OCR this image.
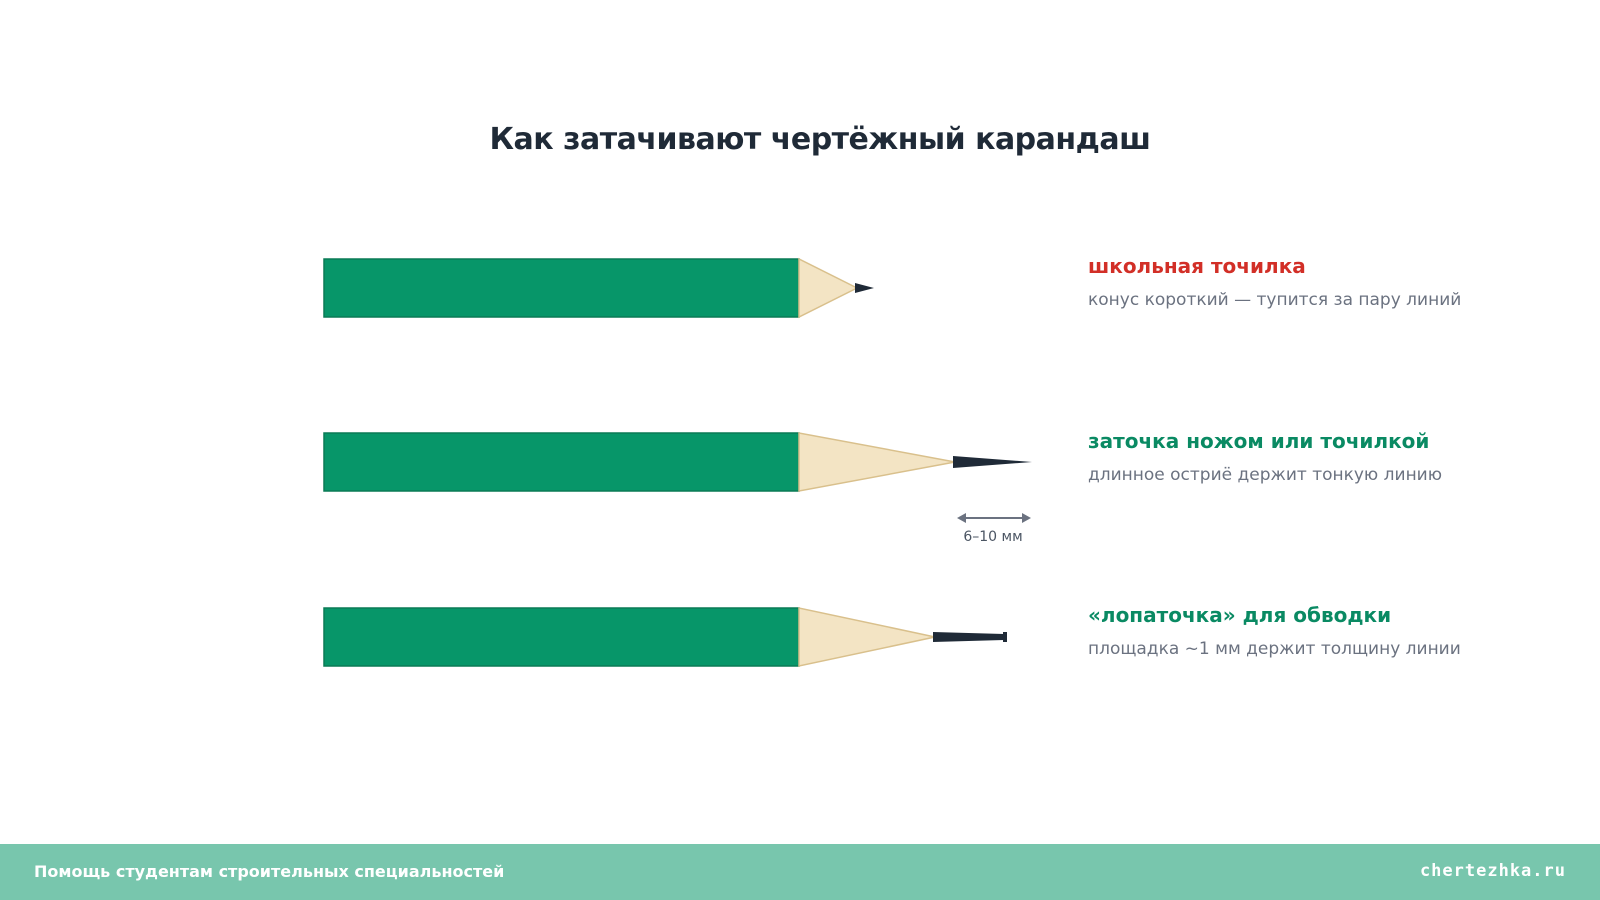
Как затачивают чертёжный карандаш
6–10 мм
школьная точилка
конус короткий — тупится за пару линий
заточка ножом или точилкой
длинное остриё держит тонкую линию
«лопаточка» для обводки
площадка ~1 мм держит толщину линии
Помощь студентам строительных специальностей	chertezhka.ru
